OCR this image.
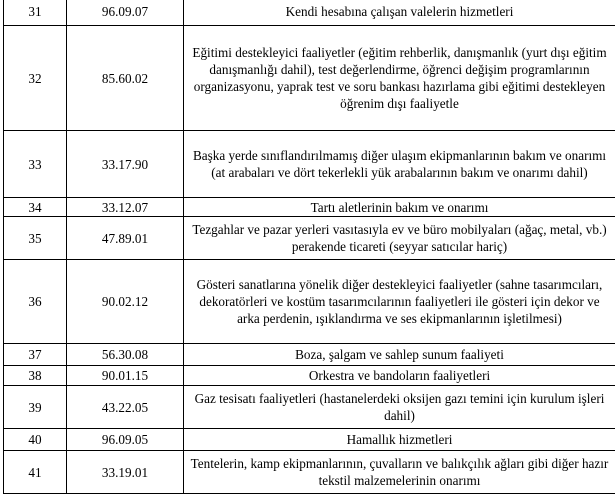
31	96.09.07	Kendi hesabına çalışan valelerin hizmetleri
32	85.60.02	Eğitimi destekleyici faaliyetler (eğitim rehberlik, danışmanlık (yurt dışı eğitim danışmanlığı dahil), test değerlendirme, öğrenci değişim programlarının organizasyonu, yaprak test ve soru bankası hazırlama gibi eğitimi destekleyen öğrenim dışı faaliyetle
33	33.17.90	Başka yerde sınıflandırılmamış diğer ulaşım ekipmanlarının bakım ve onarımı (at arabaları ve dört tekerlekli yük arabalarının bakım ve onarımı dahil)
34	33.12.07	Tartı aletlerinin bakım ve onarımı
35	47.89.01	Tezgahlar ve pazar yerleri vasıtasıyla ev ve büro mobilyaları (ağaç, metal, vb.) perakende ticareti (seyyar satıcılar hariç)
36	90.02.12	Gösteri sanatlarına yönelik diğer destekleyici faaliyetler (sahne tasarımcıları, dekoratörleri ve kostüm tasarımcılarının faaliyetleri ile gösteri için dekor ve arka perdenin, ışıklandırma ve ses ekipmanlarının işletilmesi)
37	56.30.08	Boza, şalgam ve sahlep sunum faaliyeti
38	90.01.15	Orkestra ve bandoların faaliyetleri
39	43.22.05	Gaz tesisatı faaliyetleri (hastanelerdeki oksijen gazı temini için kurulum işleri dahil)
40	96.09.05	Hamallık hizmetleri
41	33.19.01	Tentelerin, kamp ekipmanlarının, çuvalların ve balıkçılık ağları gibi diğer hazır tekstil malzemelerinin onarımı
